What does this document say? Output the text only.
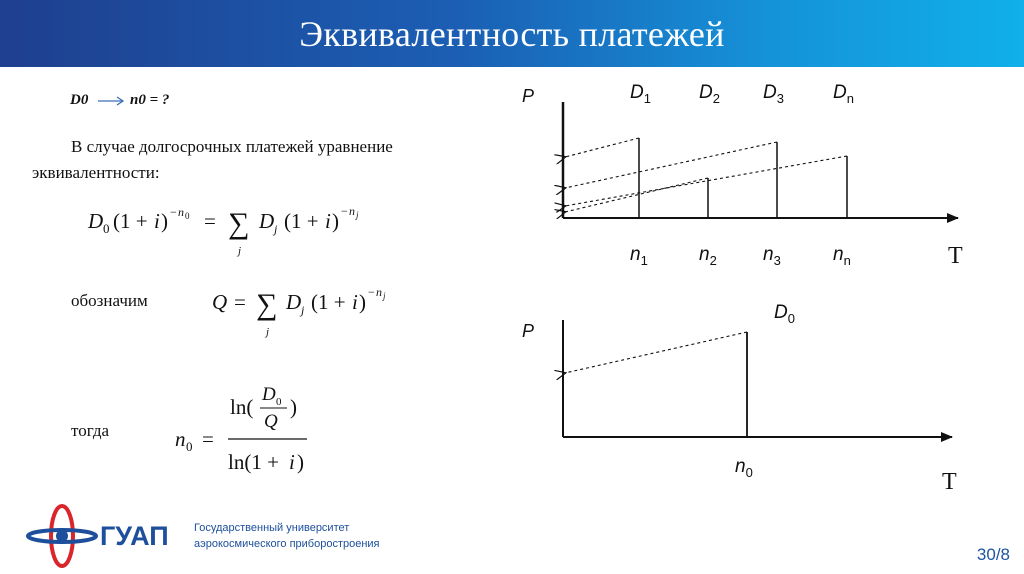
Эквивалентность платежей
D0	n0 = ?
В случае долгосрочных платежей уравнение
эквивалентности:
D 0 (1 + i ) − n 0 = ∑
j
D j (1 + i ) − n j
обозначим	Q = ∑
j
D j (1 + i ) − n j
тогда	n 0 =
ln(
D 0
Q
)
ln(1 + i )
P
T
$D_1$	$D_2$ $D_3$	$D_n$
$n_1$	$n_2$ $n_3$	$n_n$
P
T
$D_0$
$n_0$
ГУАП Государственный университет
аэрокосмического приборостроения
30/8
